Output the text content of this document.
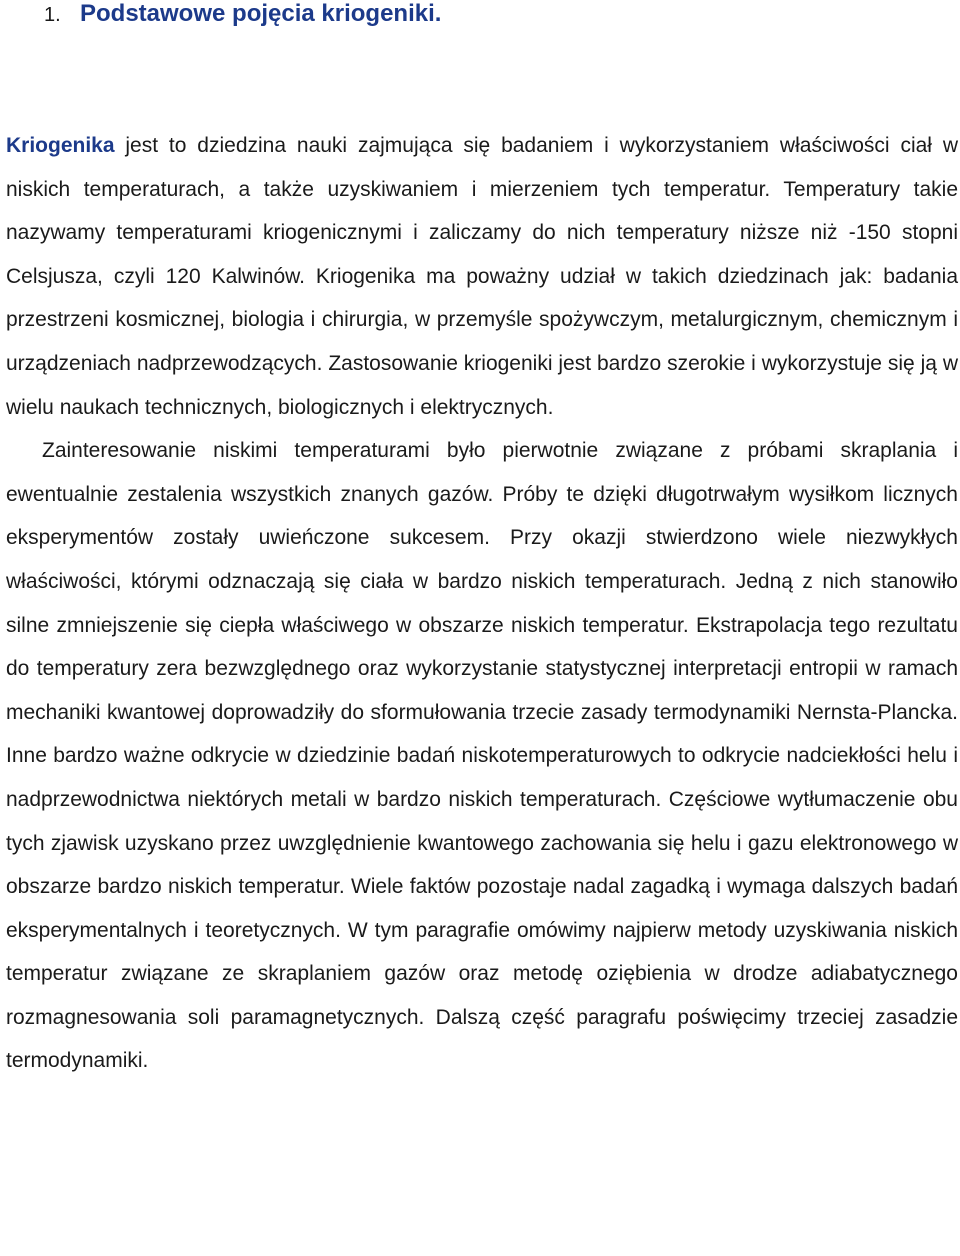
1. Podstawowe pojęcia kriogeniki.

Kriogenika jest to dziedzina nauki zajmująca się badaniem i wykorzystaniem właściwości ciał w niskich temperaturach, a także uzyskiwaniem i mierzeniem tych temperatur. Temperatury takie nazywamy temperaturami kriogenicznymi i zaliczamy do nich temperatury niższe niż -150 stopni Celsjusza, czyli 120 Kalwinów. Kriogenika ma poważny udział w takich dziedzinach jak: badania przestrzeni kosmicznej, biologia i chirurgia, w przemyśle spożywczym, metalurgicznym, chemicznym i urządzeniach nadprzewodzących. Zastosowanie kriogeniki jest bardzo szerokie i wykorzystuje się ją w wielu naukach technicznych, biologicznych i elektrycznych.

Zainteresowanie niskimi temperaturami było pierwotnie związane z próbami skraplania i ewentualnie zestalenia wszystkich znanych gazów. Próby te dzięki długotrwałym wysiłkom licznych eksperymentów zostały uwieńczone sukcesem. Przy okazji stwierdzono wiele niezwykłych właściwości, którymi odznaczają się ciała w bardzo niskich temperaturach. Jedną z nich stanowiło silne zmniejszenie się ciepła właściwego w obszarze niskich temperatur. Ekstrapolacja tego rezultatu do temperatury zera bezwzględnego oraz wykorzystanie statystycznej interpretacji entropii w ramach mechaniki kwantowej doprowadziły do sformułowania trzecie zasady termodynamiki Nernsta-Plancka. Inne bardzo ważne odkrycie w dziedzinie badań niskotemperaturowych to odkrycie nadciekłości helu i nadprzewodnictwa niektórych metali w bardzo niskich temperaturach. Częściowe wytłumaczenie obu tych zjawisk uzyskano przez uwzględnienie kwantowego zachowania się helu i gazu elektronowego w obszarze bardzo niskich temperatur. Wiele faktów pozostaje nadal zagadką i wymaga dalszych badań eksperymentalnych i teoretycznych. W tym paragrafie omówimy najpierw metody uzyskiwania niskich temperatur związane ze skraplaniem gazów oraz metodę oziębienia w drodze adiabatycznego rozmagnesowania soli paramagnetycznych. Dalszą część paragrafu poświęcimy trzeciej zasadzie termodynamiki.
